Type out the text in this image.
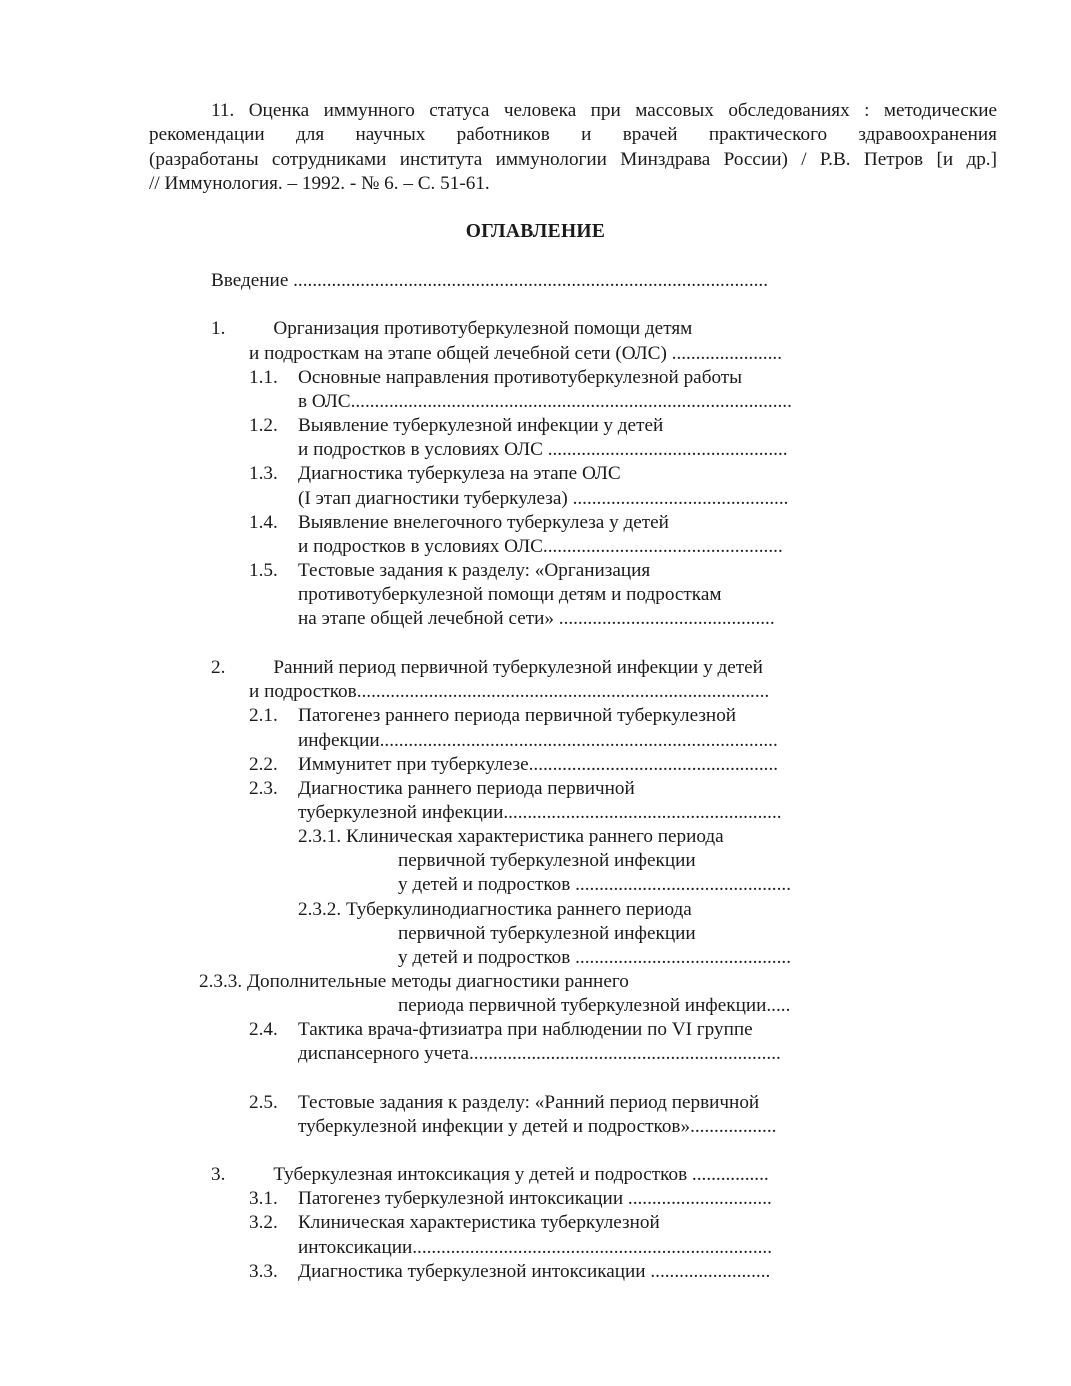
11. Оценка иммунного статуса человека при массовых обследованиях : методические
рекомендации для научных работников и врачей практического здравоохранения
(разработаны сотрудниками института иммунологии Минздрава России) / Р.В. Петров [и др.]
// Иммунология. – 1992. - № 6. – С. 51-61.
ОГЛАВЛЕНИЕ
Введение ...................................................................................................
1.          Организация противотуберкулезной помощи детям
и подросткам на этапе общей лечебной сети (ОЛС) .......................
1.1. Основные направления противотуберкулезной работы
в ОЛС............................................................................................
1.2. Выявление туберкулезной инфекции у детей
и подростков в условиях ОЛС ..................................................
1.3. Диагностика туберкулеза на этапе ОЛС
(I этап диагностики туберкулеза) .............................................
1.4. Выявление внелегочного туберкулеза у детей
и подростков в условиях ОЛС..................................................
1.5. Тестовые задания к разделу: «Организация
противотуберкулезной помощи детям и подросткам
на этапе общей лечебной сети» .............................................
2.          Ранний период первичной туберкулезной инфекции у детей
и подростков......................................................................................
2.1. Патогенез раннего периода первичной туберкулезной
инфекции...................................................................................
2.2. Иммунитет при туберкулезе....................................................
2.3. Диагностика раннего периода первичной
туберкулезной инфекции..........................................................
2.3.1. Клиническая характеристика раннего периода
первичной туберкулезной инфекции
у детей и подростков .............................................
2.3.2. Туберкулинодиагностика раннего периода
первичной туберкулезной инфекции
у детей и подростков .............................................
2.3.3. Дополнительные методы диагностики раннего
периода первичной туберкулезной инфекции.....
2.4. Тактика врача-фтизиатра при наблюдении по VI группе
диспансерного учета.................................................................
2.5. Тестовые задания к разделу: «Ранний период первичной
туберкулезной инфекции у детей и подростков»..................
3.          Туберкулезная интоксикация у детей и подростков ................
3.1. Патогенез туберкулезной интоксикации ..............................
3.2. Клиническая характеристика туберкулезной
интоксикации...........................................................................
3.3. Диагностика туберкулезной интоксикации .........................
